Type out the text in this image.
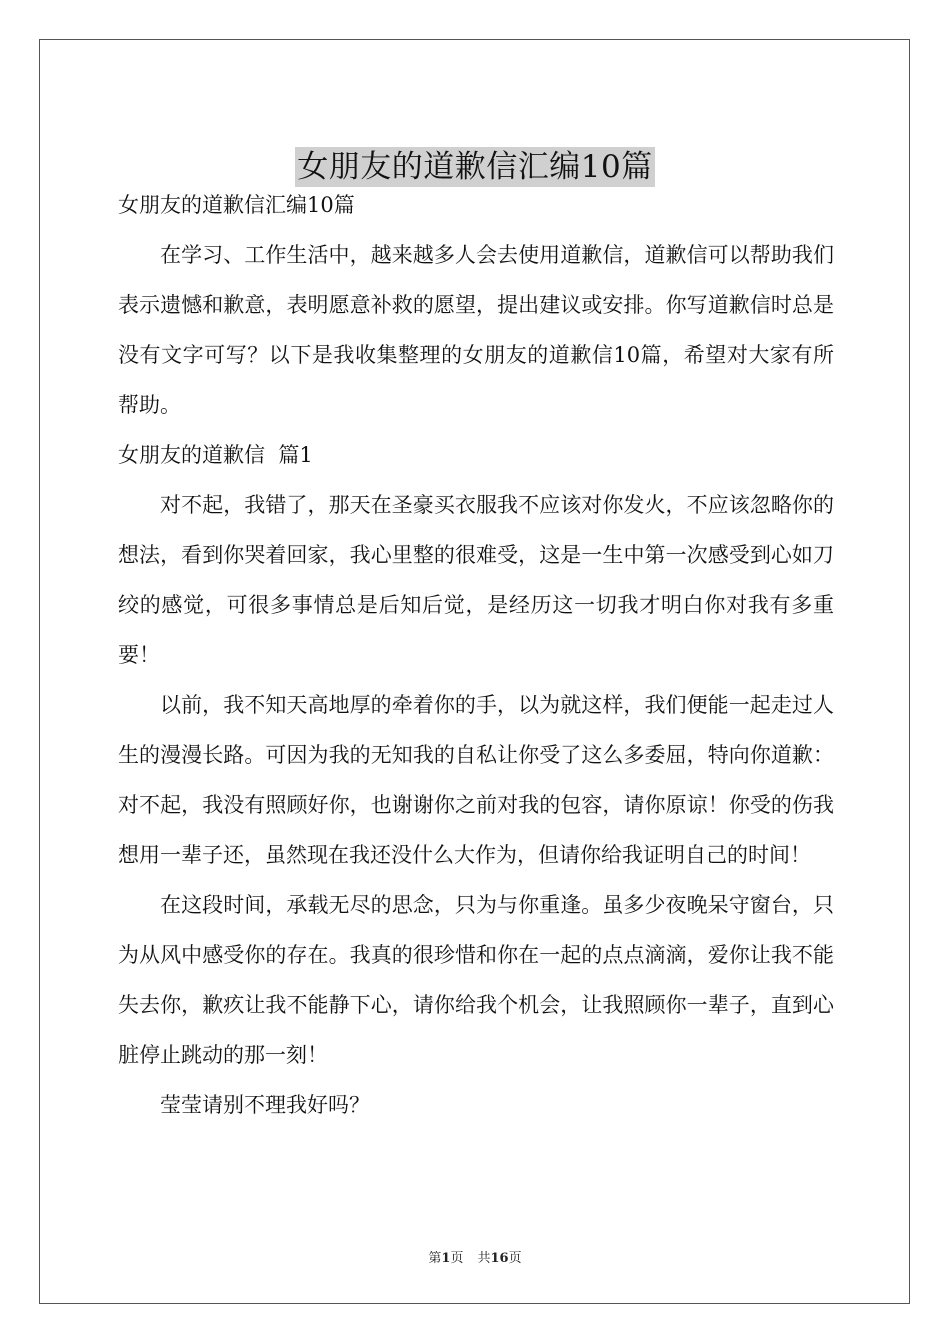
女朋友的道歉信汇编10篇

女朋友的道歉信汇编10篇

在学习、工作生活中，越来越多人会去使用道歉信，道歉信可以帮助我们表示遗憾和歉意，表明愿意补救的愿望，提出建议或安排。你写道歉信时总是没有文字可写？以下是我收集整理的女朋友的道歉信10篇，希望对大家有所帮助。

女朋友的道歉信  篇1

对不起，我错了，那天在圣豪买衣服我不应该对你发火，不应该忽略你的想法，看到你哭着回家，我心里整的很难受，这是一生中第一次感受到心如刀绞的感觉，可很多事情总是后知后觉，是经历这一切我才明白你对我有多重要！

以前，我不知天高地厚的牵着你的手，以为就这样，我们便能一起走过人生的漫漫长路。可因为我的无知我的自私让你受了这么多委屈，特向你道歉：对不起，我没有照顾好你，也谢谢你之前对我的包容，请你原谅！你受的伤我想用一辈子还，虽然现在我还没什么大作为，但请你给我证明自己的时间！

在这段时间，承载无尽的思念，只为与你重逢。虽多少夜晚呆守窗台，只为从风中感受你的存在。我真的很珍惜和你在一起的点点滴滴，爱你让我不能失去你，歉疚让我不能静下心，请你给我个机会，让我照顾你一辈子，直到心脏停止跳动的那一刻！

莹莹请别不理我好吗？

第1页 共16页
